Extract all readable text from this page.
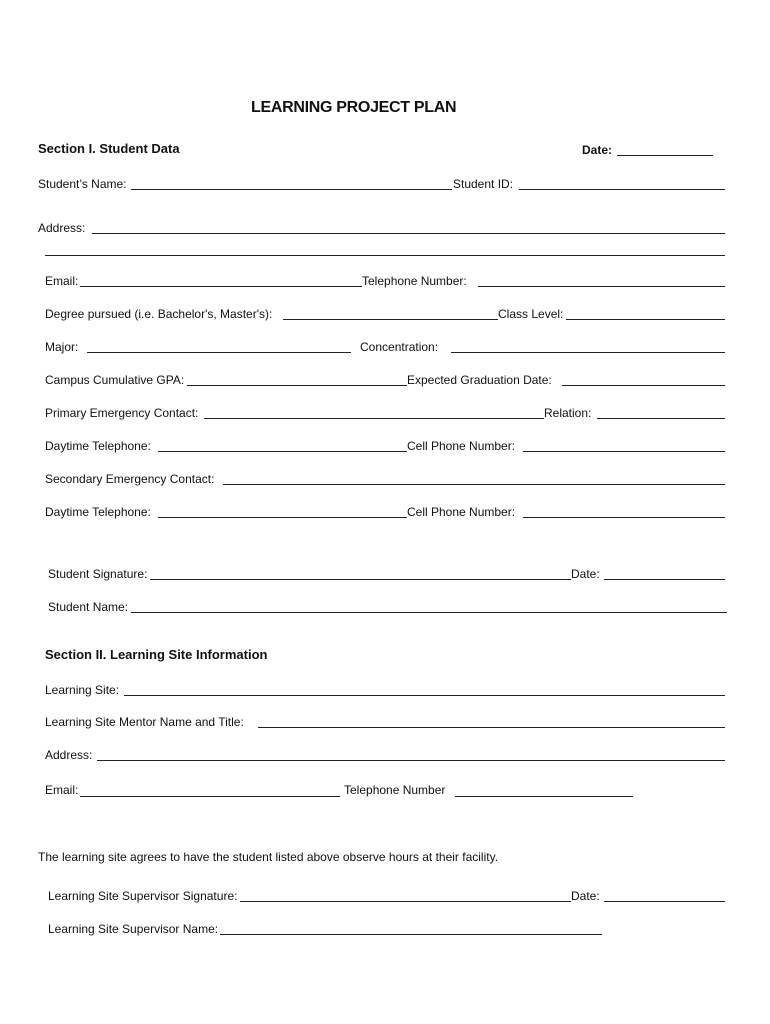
LEARNING PROJECT PLAN
Section I. Student Data	Date:
Student’s Name:	Student ID:
Address:
Email:	Telephone Number:
Degree pursued (i.e. Bachelor's, Master's):	Class Level:
Major:	Concentration:
Campus Cumulative GPA:	Expected Graduation Date:
Primary Emergency Contact:	Relation:
Daytime Telephone:	Cell Phone Number:
Secondary Emergency Contact:
Daytime Telephone:	Cell Phone Number:
Student Signature:	Date:
Student Name:
Section II. Learning Site Information
Learning Site:
Learning Site Mentor Name and Title:
Address:
Email:	Telephone Number
The learning site agrees to have the student listed above observe hours at their facility.
Learning Site Supervisor Signature:	Date:
Learning Site Supervisor Name:
